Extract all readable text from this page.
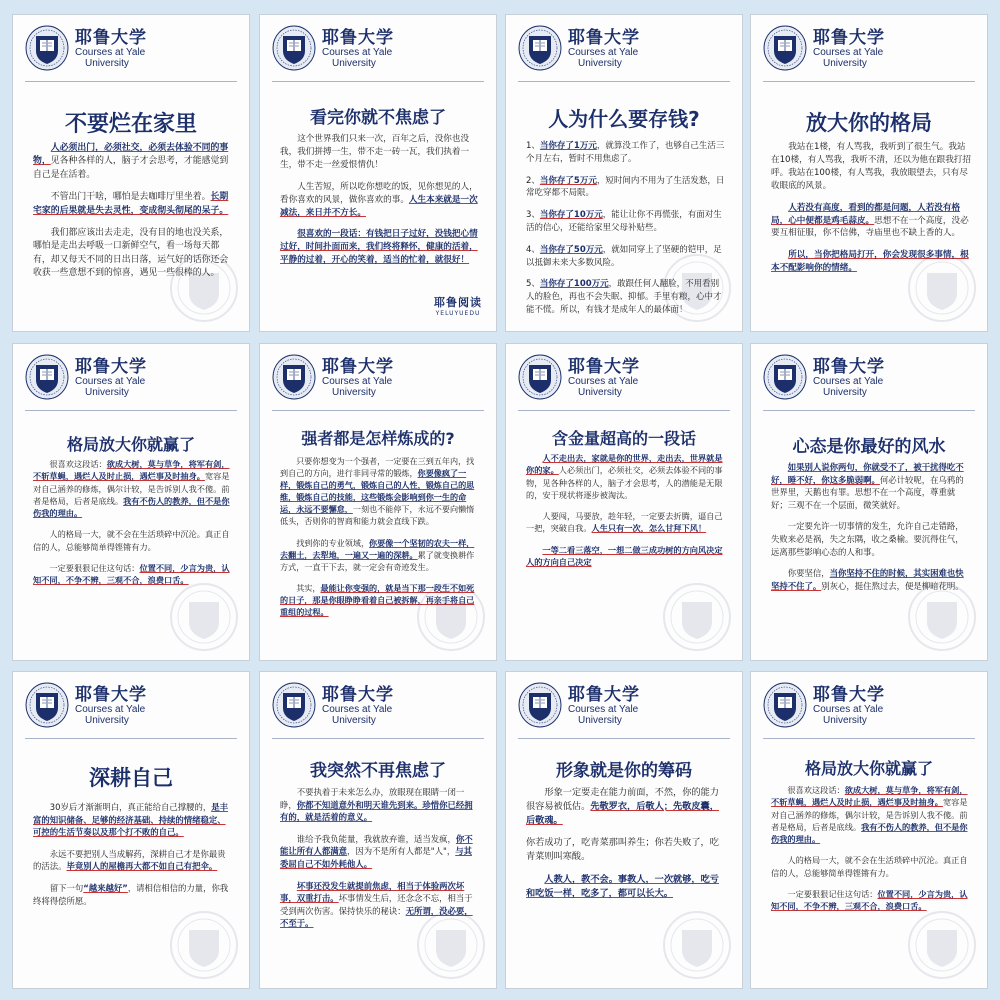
耶鲁大学
Courses at Yale

University
不要烂在家里

人必须出门，必须社交，必须去体验不同的事物，见各种各样的人，脑子才会思考，才能感觉到自己是在活着。

不管出门干啥，哪怕是去咖啡厅里坐着。长期宅家的后果就是失去灵性，变成彻头彻尾的呆子。

我们都应该出去走走，没有目的地也没关系，哪怕是走出去呼吸一口新鲜空气，看一场每天都有，却又每天不同的日出日落，运气好的话你还会收获一些意想不到的惊喜，遇见一些很棒的人。

耶鲁大学
Courses at Yale

University
看完你就不焦虑了

这个世界我们只来一次，百年之后，没你也没我，我们拼搏一生，带不走一砖一瓦，我们执着一生，带不走一丝爱恨情仇！

人生苦短，所以吃你想吃的饭，见你想见的人，看你喜欢的风景，做你喜欢的事。人生本来就是一次减法，来日并不方长。

很喜欢的一段话：有钱把日子过好，没钱把心情过好，时间扑面而来，我们终将释怀，健康的活着，平静的过着，开心的笑着，适当的忙着，就很好！

耶鲁阅读
YELUYUEDU
耶鲁大学
Courses at Yale

University
人为什么要存钱?

1、当你存了1万元，就算没工作了，也够自己生活三个月左右，暂时不用焦虑了。

2、当你存了5万元，短时间内不用为了生活发愁，日常吃穿都不局限。

3、当你存了10万元，能让让你不再慌张，有面对生活的信心，还能给家里父母补贴些。

4、当你存了50万元，就如同穿上了坚硬的铠甲，足以抵御未来大多数风险。

5、当你存了100万元，敢跟任何人翻脸，不用看别人的脸色，再也不会失眠、抑郁。手里有粮，心中才能不慌。所以，有钱才是成年人的最体面！

耶鲁大学
Courses at Yale

University
放大你的格局

我站在1楼，有人骂我，我听到了很生气。我站在10楼，有人骂我，我听不清，还以为他在跟我打招呼。我站在100楼，有人骂我，我放眼望去，只有尽收眼底的风景。

人若没有高度，看到的都是问题，人若没有格局，心中便都是鸡毛蒜皮。思想不在一个高度，没必要互相征服，你不信佛，寺庙里也不缺上香的人。

所以，当你把格局打开，你会发现很多事情，根本不配影响你的情绪。

耶鲁大学
Courses at Yale

University
格局放大你就赢了

很喜欢这段话：欲成大树，莫与草争，将军有剑，不斩草蝇，遇烂人及时止损，遇烂事及时抽身。宽容是对自己涵养的修炼，偶尔计较，是告诉别人我不傻。前者是格局，后者是底线。我有不伤人的教养，但不是你伤我的理由。

人的格局一大，就不会在生活琐碎中沉沦。真正自信的人，总能够简单得铿锵有力。

一定要狠狠记住这句话：位置不同，少言为贵，认知不同，不争不辨，三观不合，浪费口舌。

耶鲁大学
Courses at Yale

University
强者都是怎样炼成的?

只要你想变为一个强者，一定要在三到五年内，找到自己的方向，进行非同寻常的锻炼，你要像疯了一样，锻炼自己的勇气，锻炼自己的人性，锻炼自己的思维，锻炼自己的技能，这些锻炼会影响到你一生的命运，永远不要懈怠，一刻也不能停下，永远不要向懒惰低头，否则你的智商和能力就会直线下跌。

找到你的专业领域，你要像一个坚韧的农夫一样，去翻土，去犁地，一遍又一遍的深耕。累了就变换耕作方式，一直干下去，就一定会有奇迹发生。

其实，最能让你变强的，就是当下那一段生不如死的日子，那是你眼睁睁看着自己被拆解，再亲手将自己重组的过程。

耶鲁大学
Courses at Yale

University
含金量超高的一段话

人不走出去，家就是你的世界，走出去，世界就是你的家。人必须出门，必须社交，必须去体验不同的事物，见各种各样的人，脑子才会思考，人的潜能是无限的，安于现状将逐步被淘汰。

人要闯，马要放，趁年轻，一定要去折腾，逼自己一把，突破自我。人生只有一次，怎么甘拜下风！

一等二看三落空，一想二做三成功树的方向风决定人的方向自己决定

耶鲁大学
Courses at Yale

University
心态是你最好的风水

如果别人说你两句，你就受不了，被干扰得吃不好，睡不好，你这多脆弱啊。何必计较呢，在乌鸦的世界里，天鹅也有罪。思想不在一个高度，尊重就好；三观不在一个层面，微笑就好。

一定要允许一切事情的发生，允许自己走错路，失败来必是祸，失之东隅，收之桑榆。要沉得住气，远离那些影响心态的人和事。

你要坚信，当你坚持不住的时候，其实困难也快坚持不住了。别灰心，挺住熬过去，便是柳暗花明。

耶鲁大学
Courses at Yale

University
深耕自己

30岁后才渐渐明白，真正能给自己撑腰的，是丰富的知识储备、足够的经济基础、持续的情绪稳定、可控的生活节奏以及那个打不败的自己。

永远不要把别人当成解药，深耕自己才是你最贵的活法。毕竟别人的屋檐再大都不如自己有把伞。

留下一句“越来越好”，请相信相信的力量，你我终将得偿所愿。

耶鲁大学
Courses at Yale

University
我突然不再焦虑了

不要执着于未来怎么办，放眼现在眼睛一闭一睁，你都不知道意外和明天谁先到来。珍惜你已经拥有的，就是活着的意义。

谁给予我负能量，我就放弃谁，适当发疯，你不能让所有人都满意，因为不是所有人都是"人"，与其委屈自己不如外耗他人。

坏事还没发生就提前焦虑，相当于体验两次坏事，双重打击。坏事情发生后，还念念不忘，相当于受到两次伤害。保持快乐的秘诀：无所谓，没必要，不至于。

耶鲁大学
Courses at Yale

University
形象就是你的筹码

形象一定要走在能力前面，不然，你的能力很容易被低估。先敬罗衣，后敬人；先敬皮囊，后敬魂。

你若成功了，吃青菜那叫养生；你若失败了，吃青菜则叫寒酸。

人教人，教不会。事教人，一次就够，吃亏和吃饭一样，吃多了，都可以长大。

耶鲁大学
Courses at Yale

University
格局放大你就赢了

很喜欢这段话：欲成大树，莫与草争，将军有剑，不斩草蝇，遇烂人及时止损，遇烂事及时抽身。宽容是对自己涵养的修炼，偶尔计较，是告诉别人我不傻。前者是格局，后者是底线。我有不伤人的教养，但不是你伤我的理由。

人的格局一大，就不会在生活琐碎中沉沦。真正自信的人，总能够简单得铿锵有力。

一定要狠狠记住这句话：位置不同，少言为贵，认知不同，不争不辨，三观不合，浪费口舌。
